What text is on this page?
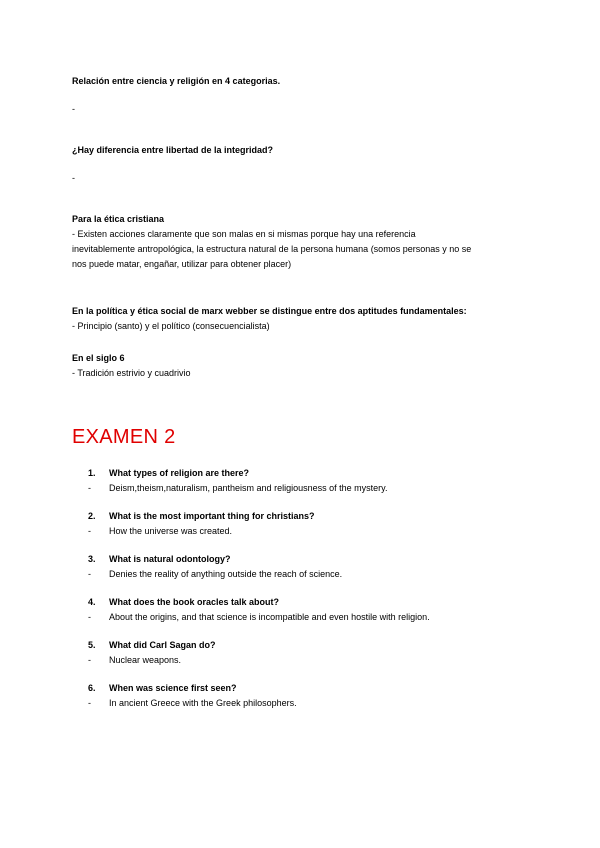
Relación entre ciencia y religión en 4 categorias.
-
¿Hay diferencia entre libertad de la integridad?
-
Para la ética cristiana
- Existen acciones claramente que son malas en si mismas porque hay una referencia
inevitablemente antropológica, la estructura natural de la persona humana (somos personas y no se
nos puede matar, engañar, utilizar para obtener placer)
En la política y ética social de marx webber se distingue entre dos aptitudes fundamentales:
- Principio (santo) y el político (consecuencialista)
En el siglo 6
- Tradición estrivio y cuadrivio
EXAMEN 2
1.	What types of religion are there?
-	Deism,theism,naturalism, pantheism and religiousness of the mystery.
2.	What is the most important thing for christians?
-	How the universe was created.
3.	What is natural odontology?
-	Denies the reality of anything outside the reach of science.
4.	What does the book oracles talk about?
-	About the origins, and that science is incompatible and even hostile with religion.
5.	What did Carl Sagan do?
-	Nuclear weapons.
6.	When was science first seen?
-	In ancient Greece with the Greek philosophers.
